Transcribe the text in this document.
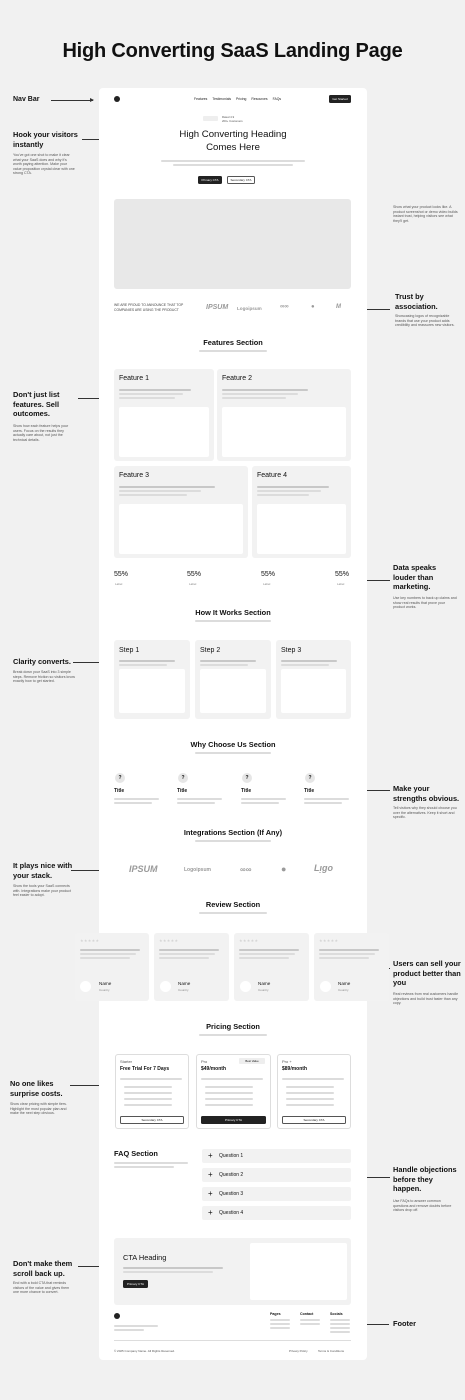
High Converting SaaS Landing Page
Nav Bar
Hook your visitors instantly
You've got one shot to make it clear what your SaaS does and why it's worth paying attention. Make your value proposition crystal clear with one strong CTA.
Don't just list features. Sell outcomes.
Show how each feature helps your users. Focus on the results they actually care about, not just the technical details.
Clarity converts.
Break down your SaaS into 3 simple steps. Remove friction so visitors know exactly how to get started.
It plays nice with your stack.
Show the tools your SaaS connects with. Integrations make your product feel easier to adopt.
No one likes surprise costs.
Show clear pricing with simple tiers. Highlight the most popular plan and make the next step obvious.
Don't make them scroll back up.
End with a bold CTA that reminds visitors of the value and gives them one more chance to convert.
Show what your product looks like. A product screenshot or demo video builds instant trust, helping visitors see what they'll get.
Trust by association.
Showcasing logos of recognizable brands that use your product adds credibility and reassures new visitors.
Data speaks louder than marketing.
Use key numbers to back up claims and show real results that prove your product works.
Make your strengths obvious.
Tell visitors why they should choose you over the alternatives. Keep it short and specific.
Users can sell your product better than you
Real reviews from real customers handle objections and build trust faster than any copy.
Handle objections before they happen.
Use FAQs to answer common questions and remove doubts before visitors drop off.
Footer
Features Testimonials Pricing Resources FAQs	Get Started
Rated 4.9
200+ Customers
High Converting Heading
Comes Here
Primary CTA	Secondary CTA
WE ARE PROUD TO ANNOUNCE THAT TOP COMPANIES ARE USING THE PRODUCT	IPSUM Logoipsum	∞∞	●	M
Features Section
Feature 1	Feature 2
Feature 3	Feature 4
55%
Label
55%
Label
55%
Label
55%
Label
How It Works Section
Step 1	Step 2	Step 3
Why Choose Us Section
?
Title
?
Title
?
Title
?
Title
Integrations Section (If Any)
IPSUM	Logoipsum	∞∞	●	Lᴉgo
Review Section
★★★★★
Name
Country
★★★★★
Name
Country
★★★★★
Name
Country
★★★★★
Name
Country
Pricing Section
Starter
Free Trial For 7 Days
Secondary CTA
Pro	Best Value
$49/month
Primary CTA
Pro +
$89/month
Secondary CTA
FAQ Section	+ Question 1
+ Question 2
+ Question 3
+ Question 4
CTA Heading
Primary CTA
Pages	Contact	Socials
© 2025 Company Name. All Rights Reserved.	Privacy Policy	Terms & Conditions
